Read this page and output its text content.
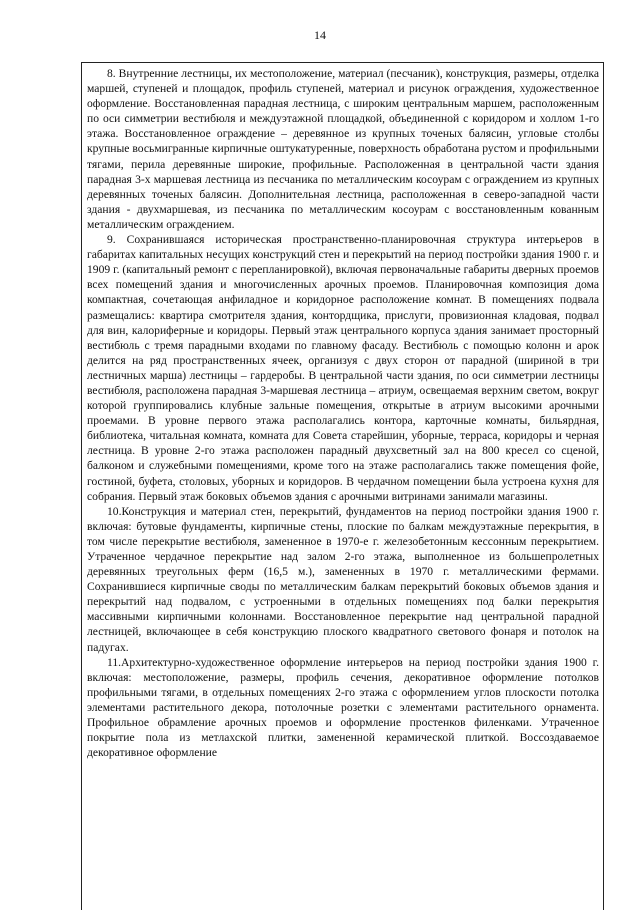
14

8. Внутренние лестницы, их местоположение, материал (песчаник), конструкция, размеры, отделка маршей, ступеней и площадок, профиль ступеней, материал и рисунок ограждения, художественное оформление. Восстановленная парадная лестница, с широким центральным маршем, расположенным по оси симметрии вестибюля и междуэтажной площадкой, объединенной с коридором и холлом 1-го этажа. Восстановленное ограждение – деревянное из крупных точеных балясин, угловые столбы крупные восьмигранные кирпичные оштукатуренные, поверхность обработана рустом и профильными тягами, перила деревянные широкие, профильные. Расположенная в центральной части здания парадная 3-х маршевая лестница из песчаника по металлическим косоурам с ограждением из крупных деревянных точеных балясин. Дополнительная лестница, расположенная в северо-западной части здания - двухмаршевая, из песчаника по металлическим косоурам с восстановленным кованным металлическим ограждением.

9. Сохранившаяся историческая пространственно-планировочная структура интерьеров в габаритах капитальных несущих конструкций стен и перекрытий на период постройки здания 1900 г. и 1909 г. (капитальный ремонт с перепланировкой), включая первоначальные габариты дверных проемов всех помещений здания и многочисленных арочных проемов. Планировочная композиция дома компактная, сочетающая анфиладное и коридорное расположение комнат. В помещениях подвала размещались: квартира смотрителя здания, контордщика, прислуги, провизионная кладовая, подвал для вин, калориферные и коридоры. Первый этаж центрального корпуса здания занимает просторный вестибюль с тремя парадными входами по главному фасаду. Вестибюль с помощью колонн и арок делится на ряд пространственных ячеек, организуя с двух сторон от парадной (шириной в три лестничных марша) лестницы – гардеробы. В центральной части здания, по оси симметрии лестницы вестибюля, расположена парадная 3-маршевая лестница – атриум, освещаемая верхним светом, вокруг которой группировались клубные зальные помещения, открытые в атриум высокими арочными проемами. В уровне первого этажа располагались контора, карточные комнаты, бильярдная, библиотека, читальная комната, комната для Совета старейшин, уборные, терраса, коридоры и черная лестница. В уровне 2-го этажа расположен парадный двухсветный зал на 800 кресел со сценой, балконом и служебными помещениями, кроме того на этаже располагались также помещения фойе, гостиной, буфета, столовых, уборных и коридоров. В чердачном помещении была устроена кухня для собрания. Первый этаж боковых объемов здания с арочными витринами занимали магазины.

10.Конструкция и материал стен, перекрытий, фундаментов на период постройки здания 1900 г. включая: бутовые фундаменты, кирпичные стены, плоские по балкам междуэтажные перекрытия, в том числе перекрытие вестибюля, замененное в 1970-е г. железобетонным кессонным перекрытием. Утраченное чердачное перекрытие над залом 2-го этажа, выполненное из большепролетных деревянных треугольных ферм (16,5 м.), замененных в 1970 г. металлическими фермами. Сохранившиеся кирпичные своды по металлическим балкам перекрытий боковых объемов здания и перекрытий над подвалом, с устроенными в отдельных помещениях под балки перекрытия массивными кирпичными колоннами. Восстановленное перекрытие над центральной парадной лестницей, включающее в себя конструкцию плоского квадратного светового фонаря и потолок на падугах.

11.Архитектурно-художественное оформление интерьеров на период постройки здания 1900 г. включая: местоположение, размеры, профиль сечения, декоративное оформление потолков профильными тягами, в отдельных помещениях 2-го этажа с оформлением углов плоскости потолка элементами растительного декора, потолочные розетки с элементами растительного орнамента. Профильное обрамление арочных проемов и оформление простенков филенками. Утраченное покрытие пола из метлахской плитки, замененной керамической плиткой. Воссоздаваемое декоративное оформление
